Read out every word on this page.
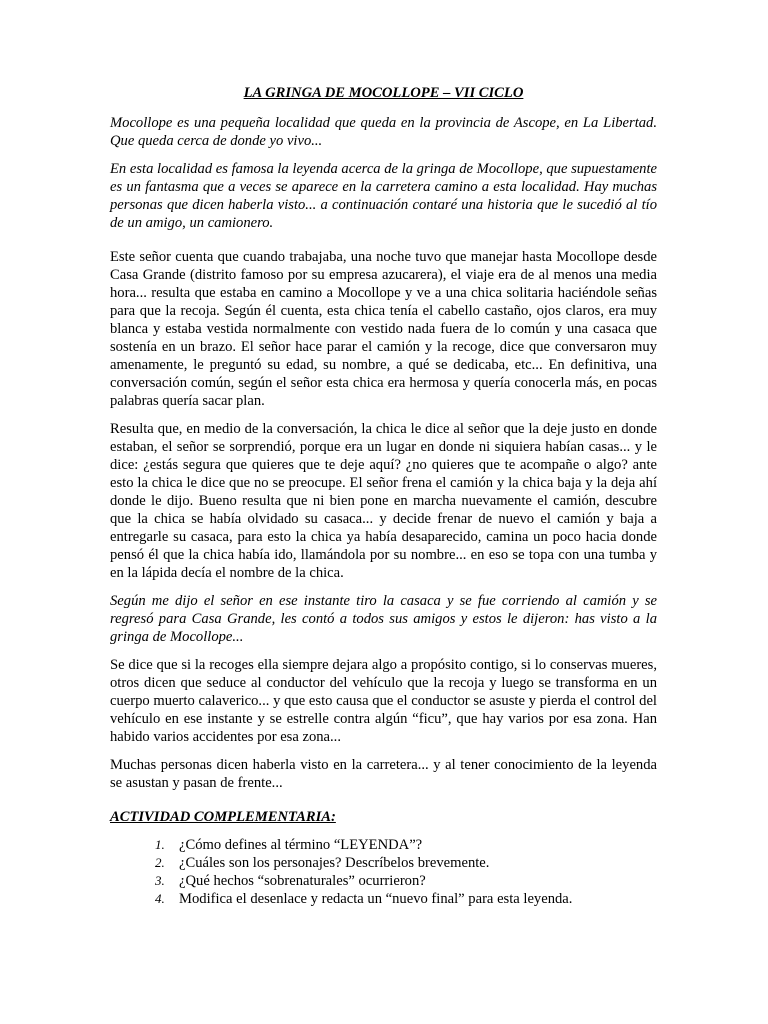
LA GRINGA DE MOCOLLOPE – VII CICLO

Mocollope es una pequeña localidad que queda en la provincia de Ascope, en La Libertad. Que queda cerca de donde yo vivo...

En esta localidad es famosa la leyenda acerca de la gringa de Mocollope, que supuestamente es un fantasma que a veces se aparece en la carretera camino a esta localidad. Hay muchas personas que dicen haberla visto... a continuación contaré una historia que le sucedió al tío de un amigo, un camionero.

Este señor cuenta que cuando trabajaba, una noche tuvo que manejar hasta Mocollope desde Casa Grande (distrito famoso por su empresa azucarera), el viaje era de al menos una media hora... resulta que estaba en camino a Mocollope y ve a una chica solitaria haciéndole señas para que la recoja. Según él cuenta, esta chica tenía el cabello castaño, ojos claros, era muy blanca y estaba vestida normalmente con vestido nada fuera de lo común y una casaca que sostenía en un brazo. El señor hace parar el camión y la recoge, dice que conversaron muy amenamente, le preguntó su edad, su nombre, a qué se dedicaba, etc... En definitiva, una conversación común, según el señor esta chica era hermosa y quería conocerla más, en pocas palabras quería sacar plan.

Resulta que, en medio de la conversación, la chica le dice al señor que la deje justo en donde estaban, el señor se sorprendió, porque era un lugar en donde ni siquiera habían casas... y le dice: ¿estás segura que quieres que te deje aquí? ¿no quieres que te acompañe o algo? ante esto la chica le dice que no se preocupe. El señor frena el camión y la chica baja y la deja ahí donde le dijo. Bueno resulta que ni bien pone en marcha nuevamente el camión, descubre que la chica se había olvidado su casaca... y decide frenar de nuevo el camión y baja a entregarle su casaca, para esto la chica ya había desaparecido, camina un poco hacia donde pensó él que la chica había ido, llamándola por su nombre... en eso se topa con una tumba y en la lápida decía el nombre de la chica.

Según me dijo el señor en ese instante tiro la casaca y se fue corriendo al camión y se regresó para Casa Grande, les contó a todos sus amigos y estos le dijeron: has visto a la gringa de Mocollope...

Se dice que si la recoges ella siempre dejara algo a propósito contigo, si lo conservas mueres, otros dicen que seduce al conductor del vehículo que la recoja y luego se transforma en un cuerpo muerto calaverico... y que esto causa que el conductor se asuste y pierda el control del vehículo en ese instante y se estrelle contra algún “ficu”, que hay varios por esa zona. Han habido varios accidentes por esa zona...

Muchas personas dicen haberla visto en la carretera... y al tener conocimiento de la leyenda se asustan y pasan de frente...

ACTIVIDAD COMPLEMENTARIA:
1. ¿Cómo defines al término “LEYENDA”?
2. ¿Cuáles son los personajes? Descríbelos brevemente.
3. ¿Qué hechos “sobrenaturales” ocurrieron?
4. Modifica el desenlace y redacta un “nuevo final” para esta leyenda.
